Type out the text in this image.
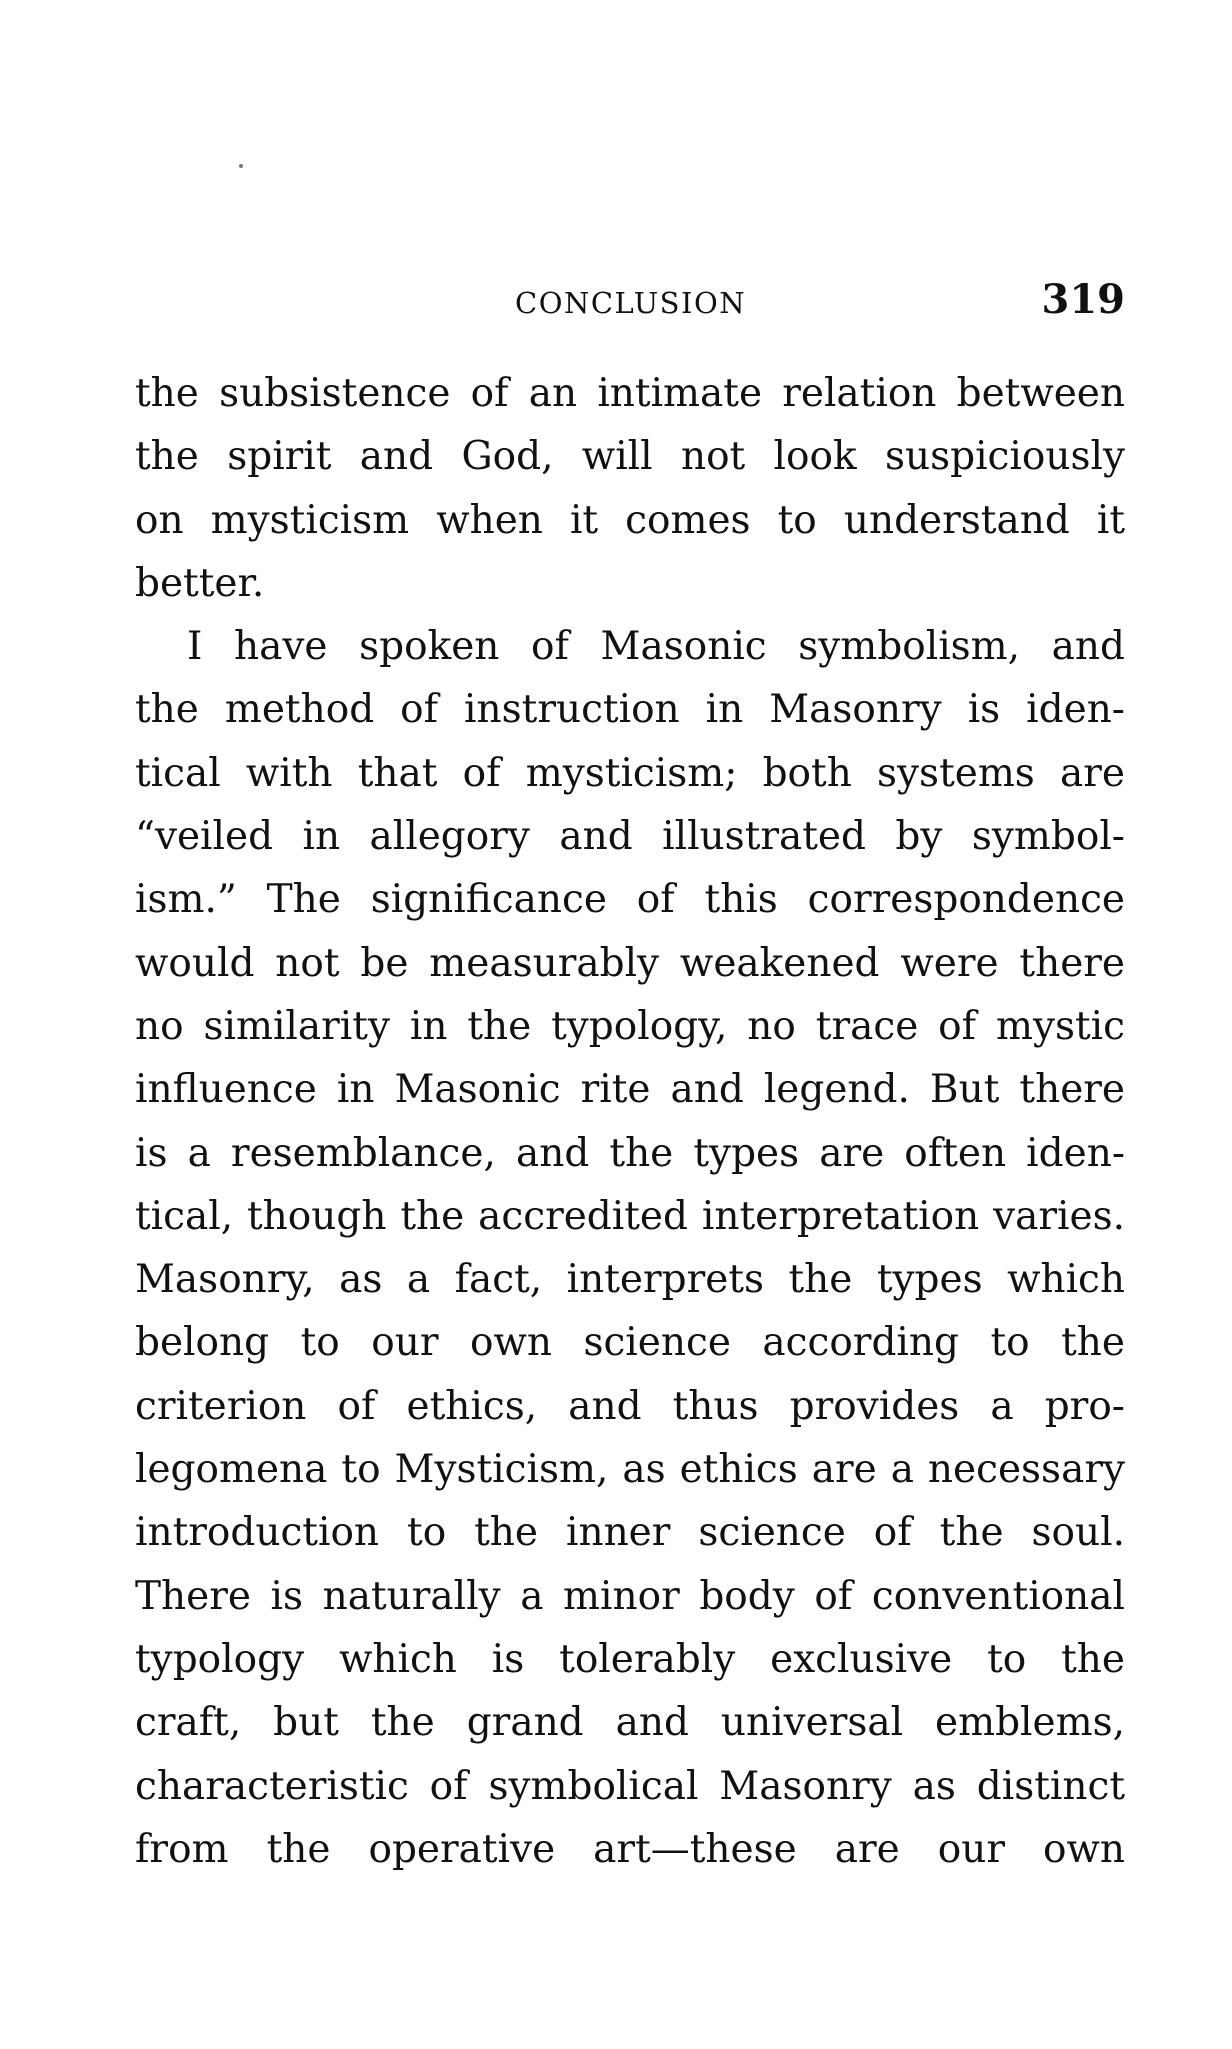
CONCLUSION	319
the subsistence of an intimate relation between
the spirit and God, will not look suspiciously
on mysticism when it comes to understand it
better.
I have spoken of Masonic symbolism, and
the method of instruction in Masonry is iden-
tical with that of mysticism; both systems are
“veiled in allegory and illustrated by symbol-
ism.” The significance of this correspondence
would not be measurably weakened were there
no similarity in the typology, no trace of mystic
influence in Masonic rite and legend. But there
is a resemblance, and the types are often iden-
tical, though the accredited interpretation varies.
Masonry, as a fact, interprets the types which
belong to our own science according to the
criterion of ethics, and thus provides a pro-
legomena to Mysticism, as ethics are a necessary
introduction to the inner science of the soul.
There is naturally a minor body of conventional
typology which is tolerably exclusive to the
craft, but the grand and universal emblems,
characteristic of symbolical Masonry as distinct
from the operative art—these are our own
